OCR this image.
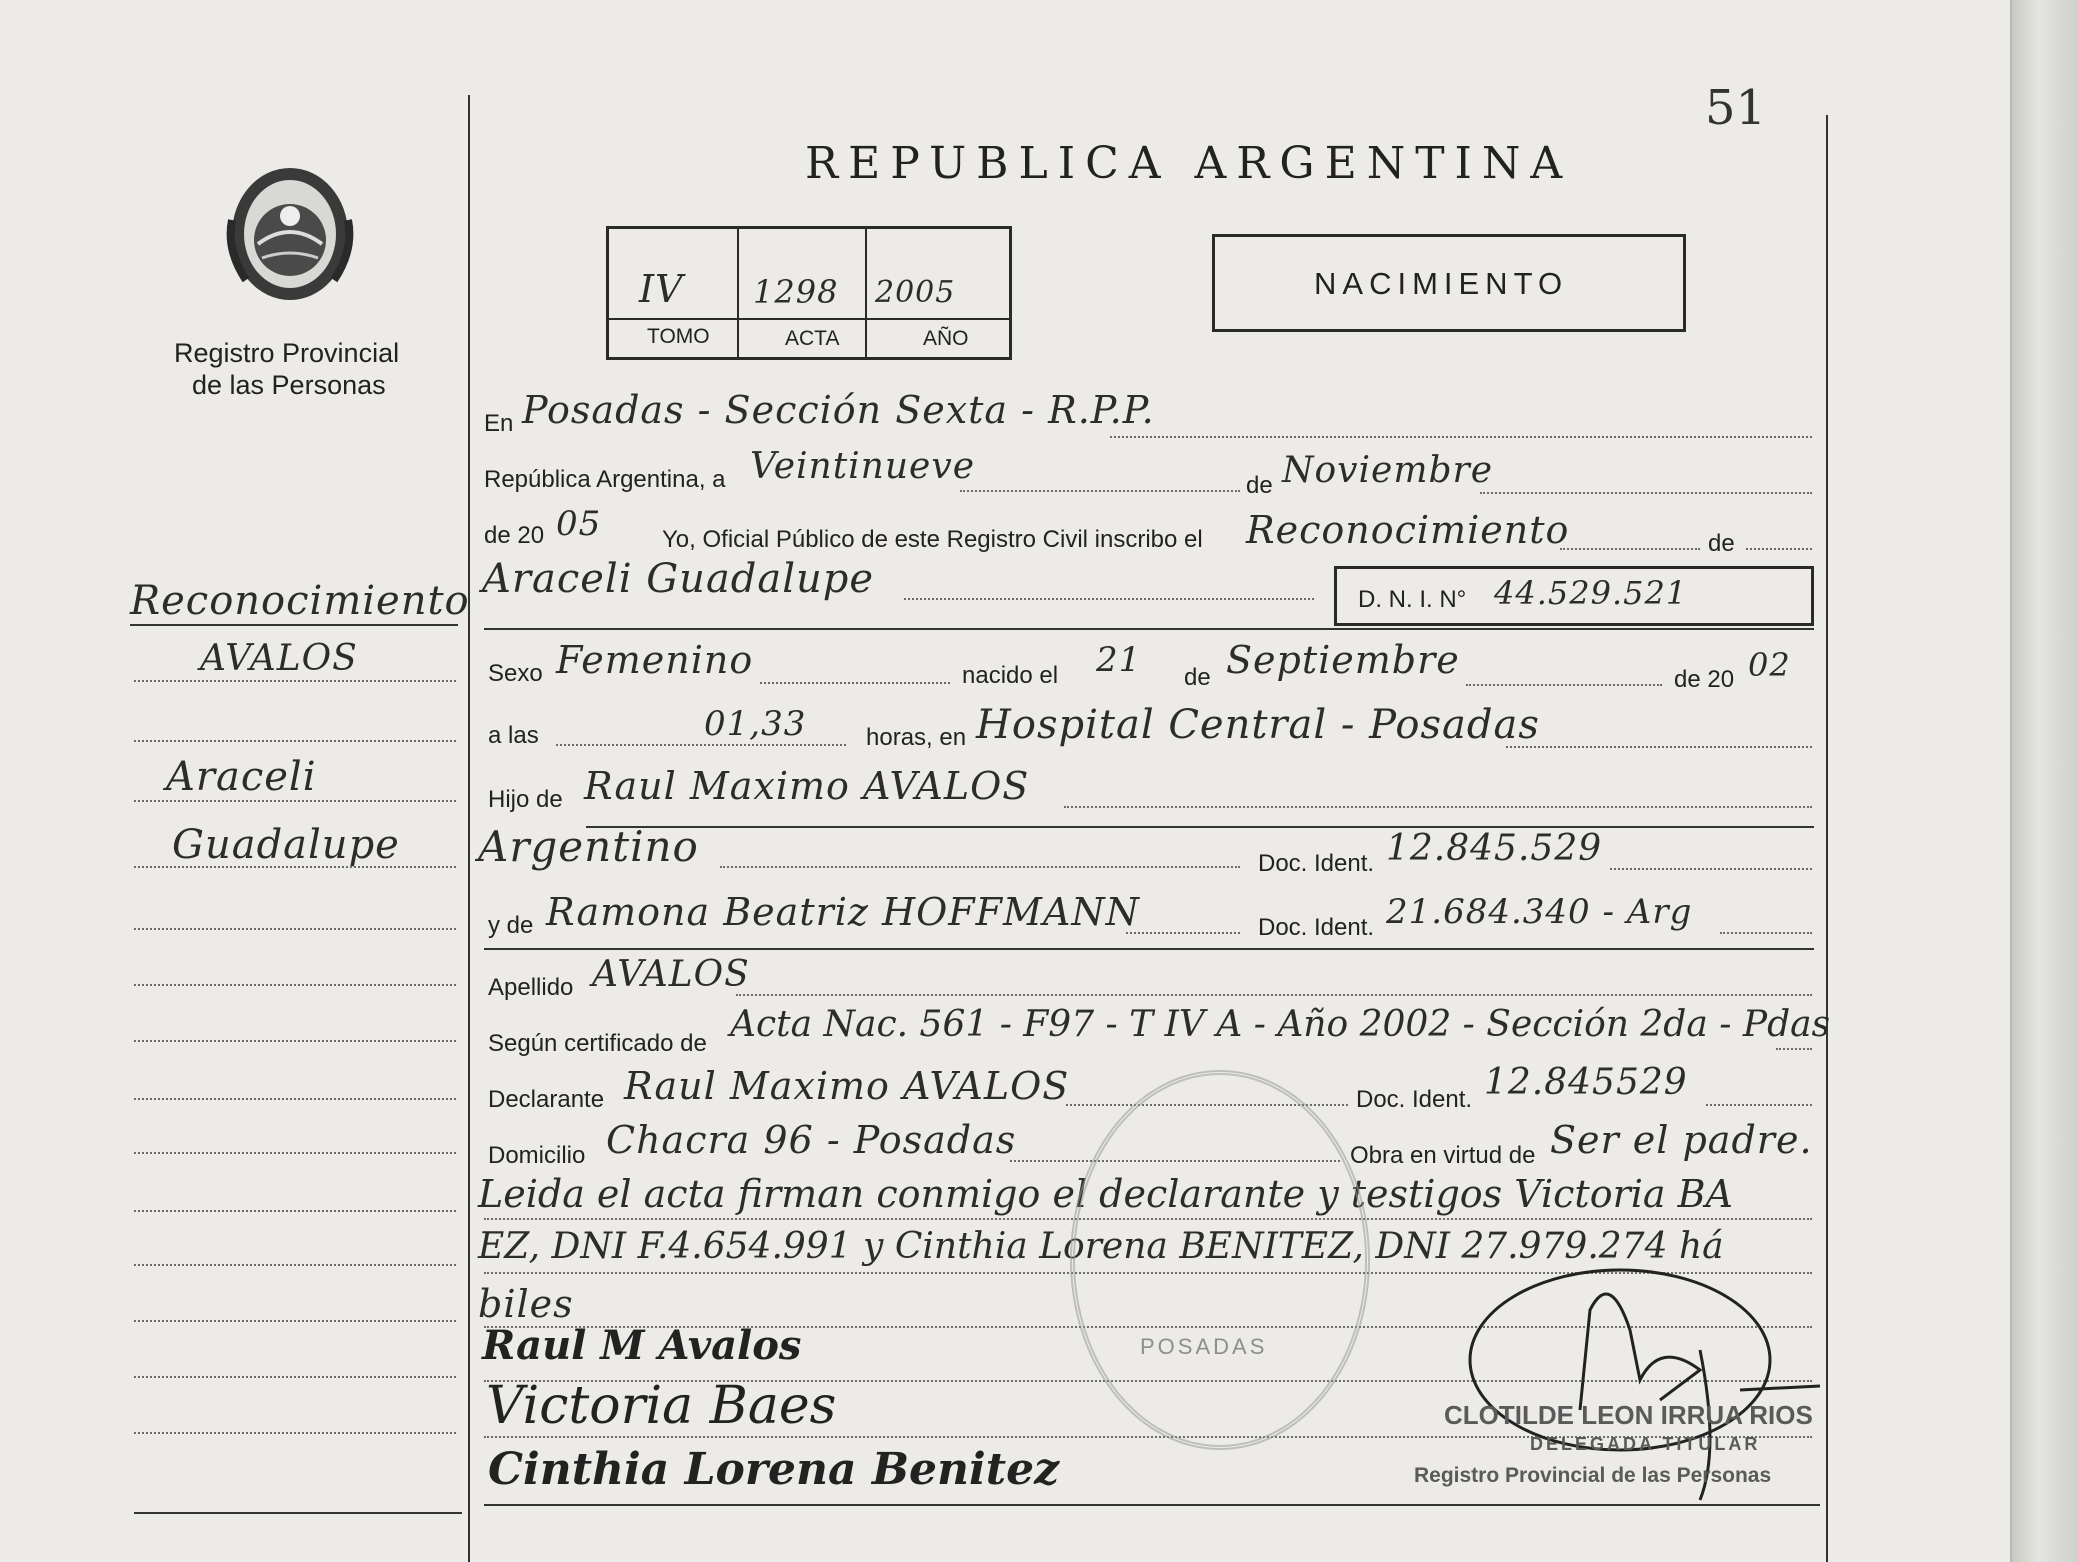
51
Registro Provincial
de las Personas
REPUBLICA ARGENTINA
IV 1298 2005
TOMO	ACTA	AÑO
NACIMIENTO
Reconocimiento
AVALOS
Araceli
Guadalupe
En Posadas - Sección Sexta - R.P.P.
República Argentina, a Veintinueve	de Noviembre
de 20 05	Yo, Oficial Público de este Registro Civil inscribo el Reconocimiento	de
Araceli Guadalupe	D. N. I. N° 44.529.521
Sexo Femenino	nacido el 21 de Septiembre	de 20 02
a las	01,33 horas, en Hospital Central - Posadas
Hijo de Raul Maximo AVALOS
Argentino	Doc. Ident. 12.845.529
y de Ramona Beatriz HOFFMANN	Doc. Ident. 21.684.340 - Arg
Apellido AVALOS
Según certificado de Acta Nac. 561 - F97 - T IV A - Año 2002 - Sección 2da - Pdas
Declarante Raul Maximo AVALOS	Doc. Ident. 12.845529
Domicilio Chacra 96 - Posadas	Obra en virtud de Ser el padre.
Leida el acta firman conmigo el declarante y testigos Victoria BA
EZ, DNI F.4.654.991 y Cinthia Lorena BENITEZ, DNI 27.979.274 há
biles
POSADAS
Raul M Avalos
Victoria Baes
Cinthia Lorena Benitez
CLOTILDE LEON IRRUA RIOS
DELEGADA TITULAR
Registro Provincial de las Personas
